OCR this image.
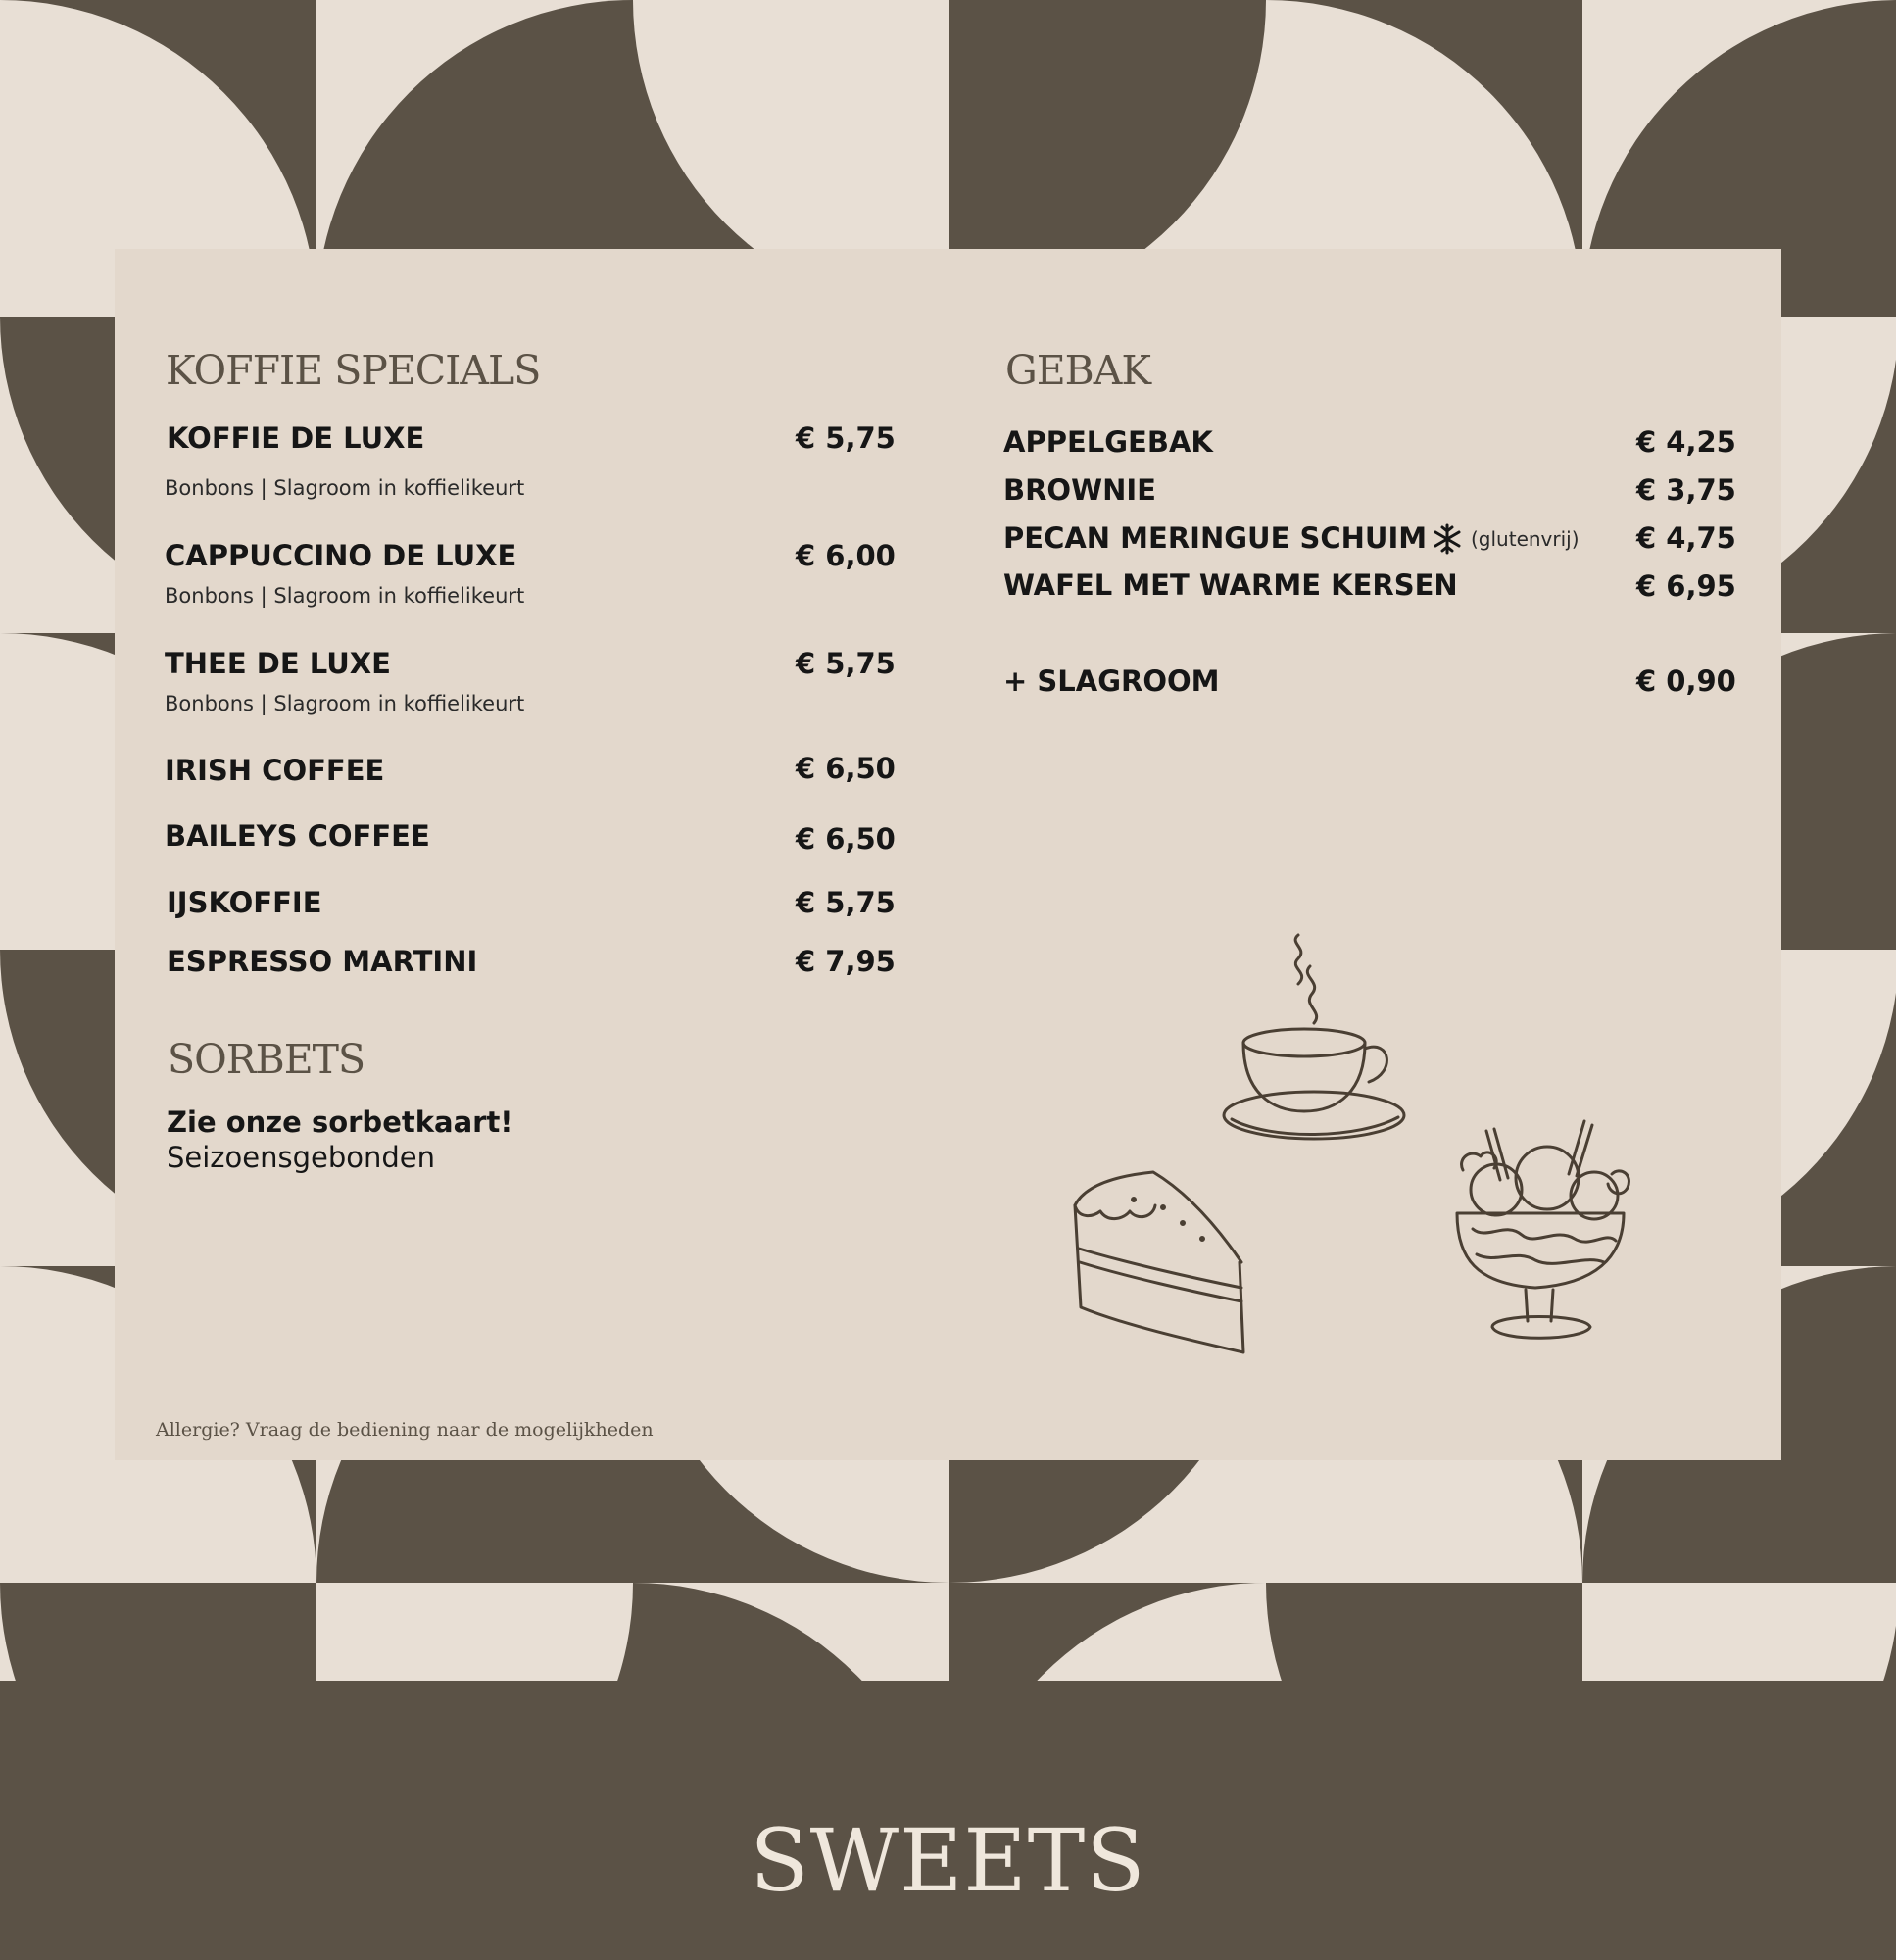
SWEETS
KOFFIE SPECIALS
KOFFIE DE LUXE	€ 5,75
Bonbons | Slagroom in koffielikeurt
CAPPUCCINO DE LUXE	€ 6,00
Bonbons | Slagroom in koffielikeurt
THEE DE LUXE	€ 5,75
Bonbons | Slagroom in koffielikeurt
IRISH COFFEE	€ 6,50
BAILEYS COFFEE	€ 6,50
IJSKOFFIE	€ 5,75
ESPRESSO MARTINI	€ 7,95
SORBETS
Zie onze sorbetkaart!
Seizoensgebonden
GEBAK
APPELGEBAK	€ 4,25
BROWNIE	€ 3,75
PECAN MERINGUE SCHUIM (glutenvrij) € 4,75
WAFEL MET WARME KERSEN	€ 6,95
+ SLAGROOM	€ 0,90
Allergie? Vraag de bediening naar de mogelijkheden
